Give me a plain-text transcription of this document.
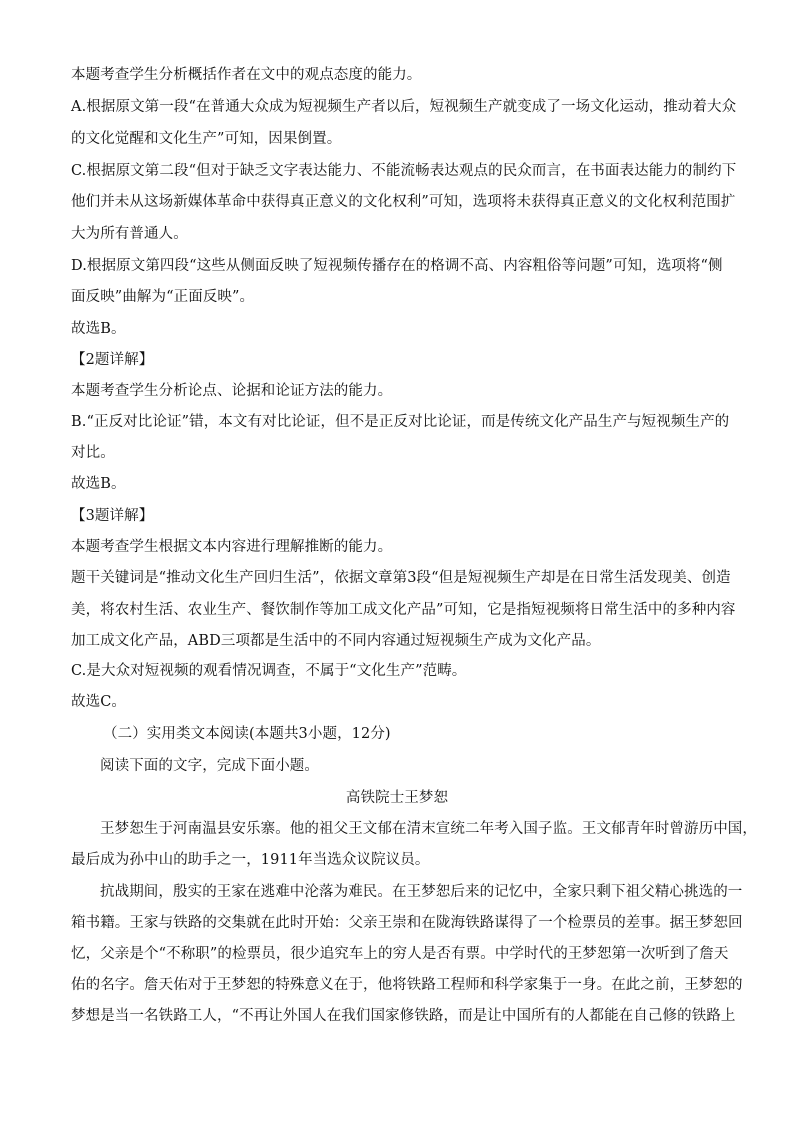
本题考查学生分析概括作者在文中的观点态度的能力。
A.根据原文第一段“在普通大众成为短视频生产者以后，短视频生产就变成了一场文化运动，推动着大众
的文化觉醒和文化生产”可知，因果倒置。
C.根据原文第二段“但对于缺乏文字表达能力、不能流畅表达观点的民众而言，在书面表达能力的制约下
他们并未从这场新媒体革命中获得真正意义的文化权利”可知，选项将未获得真正意义的文化权利范围扩
大为所有普通人。
D.根据原文第四段“这些从侧面反映了短视频传播存在的格调不高、内容粗俗等问题”可知，选项将“侧
面反映”曲解为“正面反映”。
故选B。
【2题详解】
本题考查学生分析论点、论据和论证方法的能力。
B.“正反对比论证”错，本文有对比论证，但不是正反对比论证，而是传统文化产品生产与短视频生产的
对比。
故选B。
【3题详解】
本题考查学生根据文本内容进行理解推断的能力。
题干关键词是“推动文化生产回归生活”，依据文章第3段“但是短视频生产却是在日常生活发现美、创造
美，将农村生活、农业生产、餐饮制作等加工成文化产品”可知，它是指短视频将日常生活中的多种内容
加工成文化产品，ABD三项都是生活中的不同内容通过短视频生产成为文化产品。
C.是大众对短视频的观看情况调查，不属于“文化生产”范畴。
故选C。
（二）实用类文本阅读(本题共3小题，12分)
阅读下面的文字，完成下面小题。
高铁院士王梦恕
王梦恕生于河南温县安乐寨。他的祖父王文郁在清末宣统二年考入国子监。王文郁青年时曾游历中国，
最后成为孙中山的助手之一，1911年当选众议院议员。
抗战期间，殷实的王家在逃难中沦落为难民。在王梦恕后来的记忆中，全家只剩下祖父精心挑选的一
箱书籍。王家与铁路的交集就在此时开始：父亲王崇和在陇海铁路谋得了一个检票员的差事。据王梦恕回
忆，父亲是个“不称职”的检票员，很少追究车上的穷人是否有票。中学时代的王梦恕第一次听到了詹天
佑的名字。詹天佑对于王梦恕的特殊意义在于，他将铁路工程师和科学家集于一身。在此之前，王梦恕的
梦想是当一名铁路工人，“不再让外国人在我们国家修铁路，而是让中国所有的人都能在自己修的铁路上
